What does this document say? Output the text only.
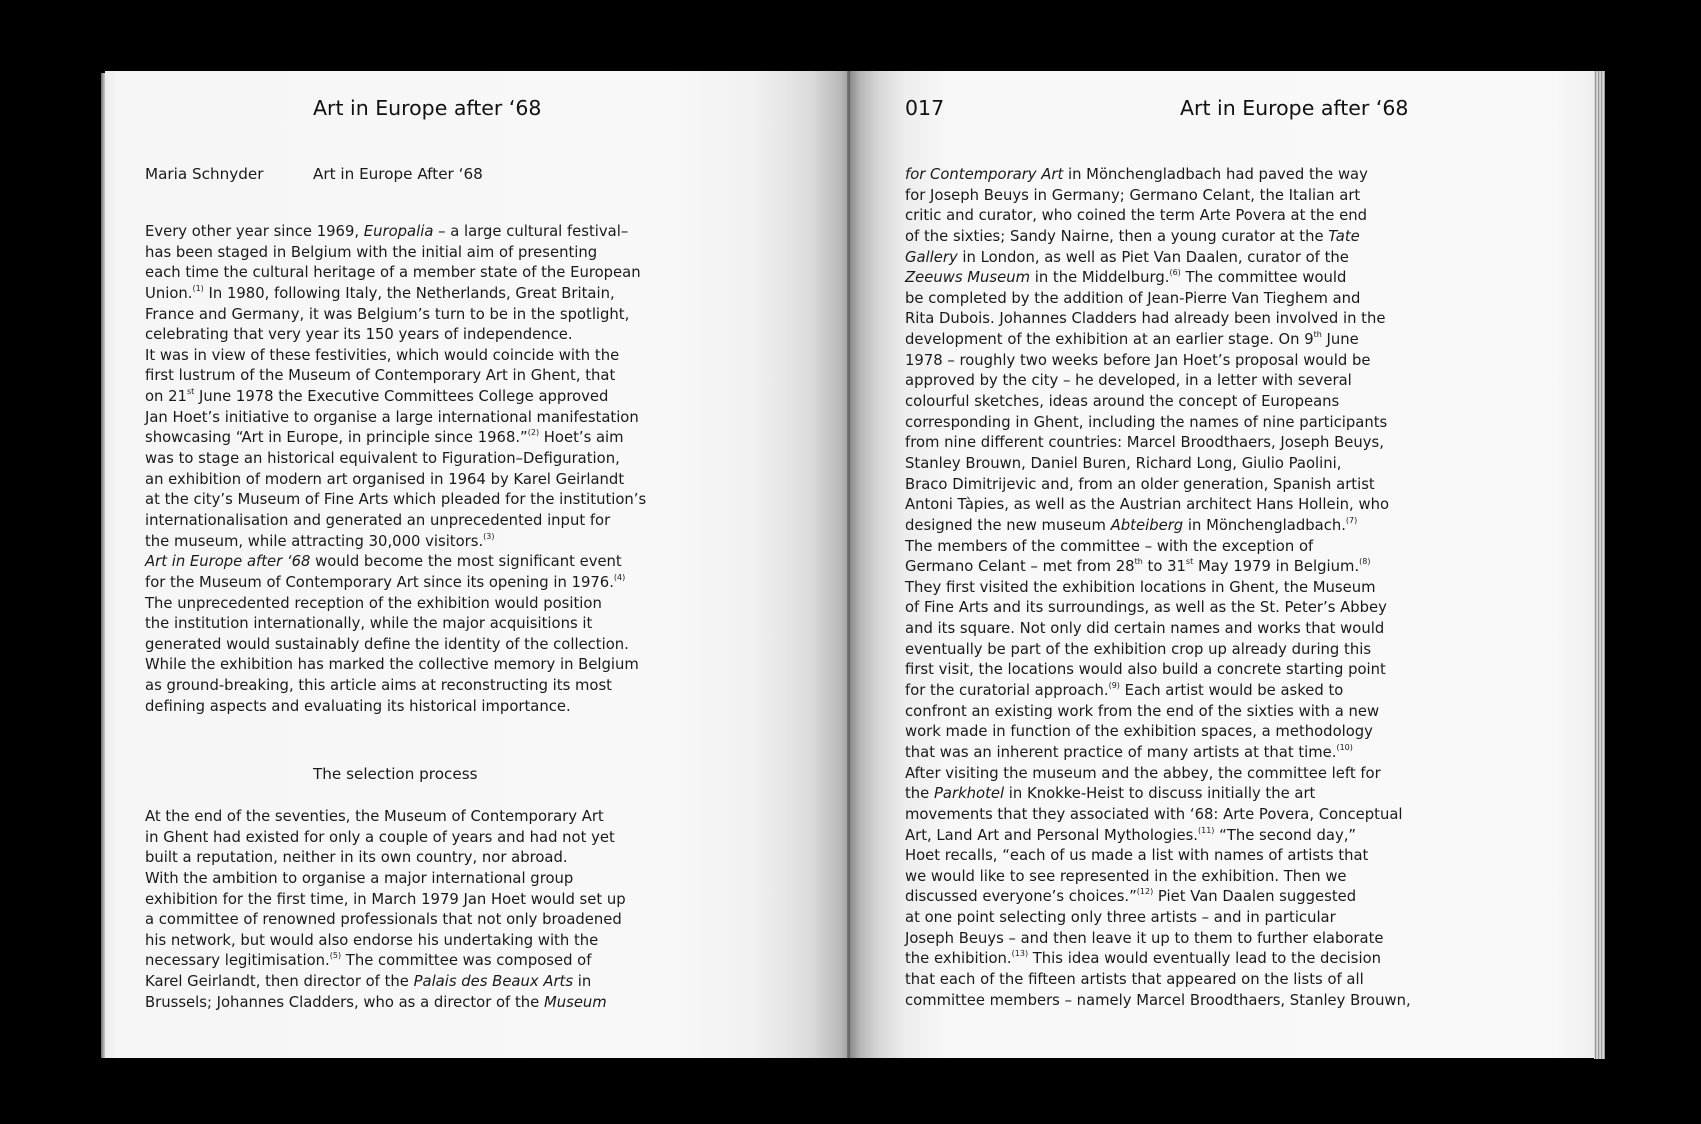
Art in Europe after ‘68
Maria Schnyder	Art in Europe After ‘68
Every other year since 1969, Europalia – a large cultural festival–
has been staged in Belgium with the initial aim of presenting
each time the cultural heritage of a member state of the European
Union.$^{(1)}$ In 1980, following Italy, the Netherlands, Great Britain,
France and Germany, it was Belgium’s turn to be in the spotlight,
celebrating that very year its 150 years of independence.
It was in view of these festivities, which would coincide with the
first lustrum of the Museum of Contemporary Art in Ghent, that
on 21st June 1978 the Executive Committees College approved
Jan Hoet’s initiative to organise a large international manifestation
showcasing “Art in Europe, in principle since 1968.”$^{(2)}$ Hoet’s aim
was to stage an historical equivalent to Figuration–Defiguration,
an exhibition of modern art organised in 1964 by Karel Geirlandt
at the city’s Museum of Fine Arts which pleaded for the institution’s
internationalisation and generated an unprecedented input for
the museum, while attracting 30,000 visitors.$^{(3)}$
Art in Europe after ‘68 would become the most significant event
for the Museum of Contemporary Art since its opening in 1976.$^{(4)}$
The unprecedented reception of the exhibition would position
the institution internationally, while the major acquisitions it
generated would sustainably define the identity of the collection.
While the exhibition has marked the collective memory in Belgium
as ground-breaking, this article aims at reconstructing its most
defining aspects and evaluating its historical importance.
The selection process
At the end of the seventies, the Museum of Contemporary Art
in Ghent had existed for only a couple of years and had not yet
built a reputation, neither in its own country, nor abroad.
With the ambition to organise a major international group
exhibition for the first time, in March 1979 Jan Hoet would set up
a committee of renowned professionals that not only broadened
his network, but would also endorse his undertaking with the
necessary legitimisation.$^{(5)}$ The committee was composed of
Karel Geirlandt, then director of the Palais des Beaux Arts in
Brussels; Johannes Cladders, who as a director of the Museum
017	Art in Europe after ‘68
for Contemporary Art in Mönchengladbach had paved the way
for Joseph Beuys in Germany; Germano Celant, the Italian art
critic and curator, who coined the term Arte Povera at the end
of the sixties; Sandy Nairne, then a young curator at the Tate
Gallery in London, as well as Piet Van Daalen, curator of the
Zeeuws Museum in the Middelburg.$^{(6)}$ The committee would
be completed by the addition of Jean-Pierre Van Tieghem and
Rita Dubois. Johannes Cladders had already been involved in the
development of the exhibition at an earlier stage. On 9th June
1978 – roughly two weeks before Jan Hoet’s proposal would be
approved by the city – he developed, in a letter with several
colourful sketches, ideas around the concept of Europeans
corresponding in Ghent, including the names of nine participants
from nine different countries: Marcel Broodthaers, Joseph Beuys,
Stanley Brouwn, Daniel Buren, Richard Long, Giulio Paolini,
Braco Dimitrijevic and, from an older generation, Spanish artist
Antoni Tàpies, as well as the Austrian architect Hans Hollein, who
designed the new museum Abteiberg in Mönchengladbach.$^{(7)}$
The members of the committee – with the exception of
Germano Celant – met from 28th to 31st May 1979 in Belgium.$^{(8)}$
They first visited the exhibition locations in Ghent, the Museum
of Fine Arts and its surroundings, as well as the St. Peter’s Abbey
and its square. Not only did certain names and works that would
eventually be part of the exhibition crop up already during this
first visit, the locations would also build a concrete starting point
for the curatorial approach.$^{(9)}$ Each artist would be asked to
confront an existing work from the end of the sixties with a new
work made in function of the exhibition spaces, a methodology
that was an inherent practice of many artists at that time.$^{(10)}$
After visiting the museum and the abbey, the committee left for
the Parkhotel in Knokke-Heist to discuss initially the art
movements that they associated with ‘68: Arte Povera, Conceptual
Art, Land Art and Personal Mythologies.$^{(11)}$ “The second day,”
Hoet recalls, “each of us made a list with names of artists that
we would like to see represented in the exhibition. Then we
discussed everyone’s choices.”$^{(12)}$ Piet Van Daalen suggested
at one point selecting only three artists – and in particular
Joseph Beuys – and then leave it up to them to further elaborate
the exhibition.$^{(13)}$ This idea would eventually lead to the decision
that each of the fifteen artists that appeared on the lists of all
committee members – namely Marcel Broodthaers, Stanley Brouwn,
